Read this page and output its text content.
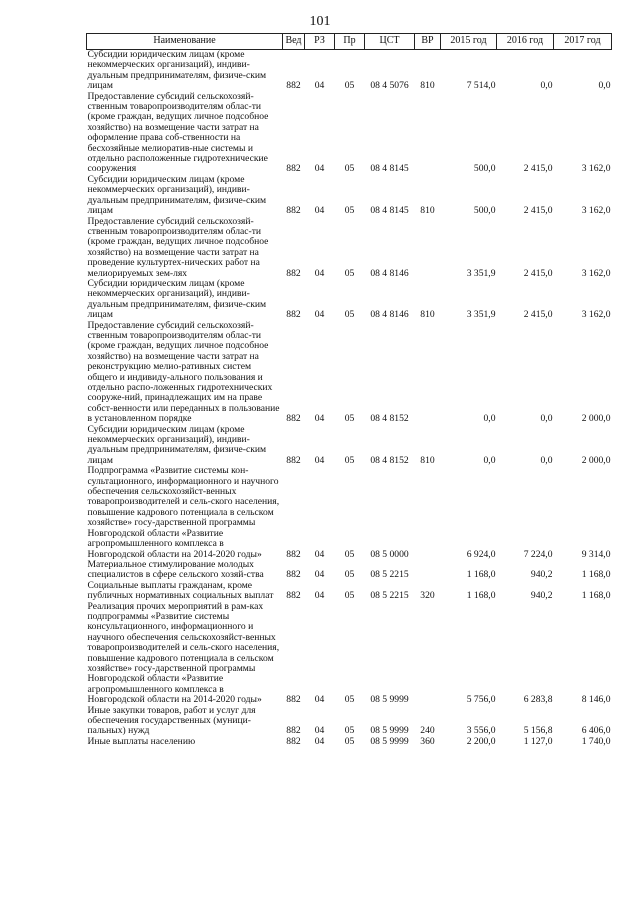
101
Наименование	Вед	РЗ	Пр	ЦСТ	ВР	2015 год	2016 год	2017 год
Субсидии юридическим лицам (кроме некоммерческих организаций), индиви-дуальным предпринимателям, физиче-ским лицам	882	04	05	08 4 5076	810	7 514,0	0,0	0,0
Предоставление субсидий сельскохозяй-ственным товаропроизводителям облас-ти (кроме граждан, ведущих личное подсобное хозяйство) на возмещение части затрат на оформление права соб-ственности на бесхозяйные мелиоратив-ные системы и отдельно расположенные гидротехнические сооружения	882	04	05	08 4 8145		500,0	2 415,0	3 162,0
Субсидии юридическим лицам (кроме некоммерческих организаций), индиви-дуальным предпринимателям, физиче-ским лицам	882	04	05	08 4 8145	810	500,0	2 415,0	3 162,0
Предоставление субсидий сельскохозяй-ственным товаропроизводителям облас-ти (кроме граждан, ведущих личное подсобное хозяйство) на возмещение части затрат на проведение культуртех-нических работ на мелиорируемых зем-лях	882	04	05	08 4 8146		3 351,9	2 415,0	3 162,0
Субсидии юридическим лицам (кроме некоммерческих организаций), индиви-дуальным предпринимателям, физиче-ским лицам	882	04	05	08 4 8146	810	3 351,9	2 415,0	3 162,0
Предоставление субсидий сельскохозяй-ственным товаропроизводителям облас-ти (кроме граждан, ведущих личное подсобное хозяйство) на возмещение части затрат на реконструкцию мелио-ративных систем общего и индивиду-ального пользования и отдельно распо-ложенных гидротехнических сооруже-ний, принадлежащих им на праве собст-венности или переданных в пользование в установленном порядке	882	04	05	08 4 8152		0,0	0,0	2 000,0
Субсидии юридическим лицам (кроме некоммерческих организаций), индиви-дуальным предпринимателям, физиче-ским лицам	882	04	05	08 4 8152	810	0,0	0,0	2 000,0
Подпрограмма «Развитие системы кон-сультационного, информационного и научного обеспечения сельскохозяйст-венных товаропроизводителей и сель-ского населения, повышение кадрового потенциала в сельском хозяйстве» госу-дарственной программы Новгородской области «Развитие агропромышленного комплекса в Новгородской области на 2014-2020 годы»	882	04	05	08 5 0000		6 924,0	7 224,0	9 314,0
Материальное стимулирование молодых специалистов в сфере сельского хозяй-ства	882	04	05	08 5 2215		1 168,0	940,2	1 168,0
Социальные выплаты гражданам, кроме публичных нормативных социальных выплат	882	04	05	08 5 2215	320	1 168,0	940,2	1 168,0
Реализация прочих мероприятий в рам-ках подпрограммы «Развитие системы консультационного, информационного и научного обеспечения сельскохозяйст-венных товаропроизводителей и сель-ского населения, повышение кадрового потенциала в сельском хозяйстве» госу-дарственной программы Новгородской области «Развитие агропромышленного комплекса в Новгородской области на 2014-2020 годы»	882	04	05	08 5 9999		5 756,0	6 283,8	8 146,0
Иные закупки товаров, работ и услуг для обеспечения государственных (муници-пальных) нужд	882	04	05	08 5 9999	240	3 556,0	5 156,8	6 406,0
Иные выплаты населению	882	04	05	08 5 9999	360	2 200,0	1 127,0	1 740,0
